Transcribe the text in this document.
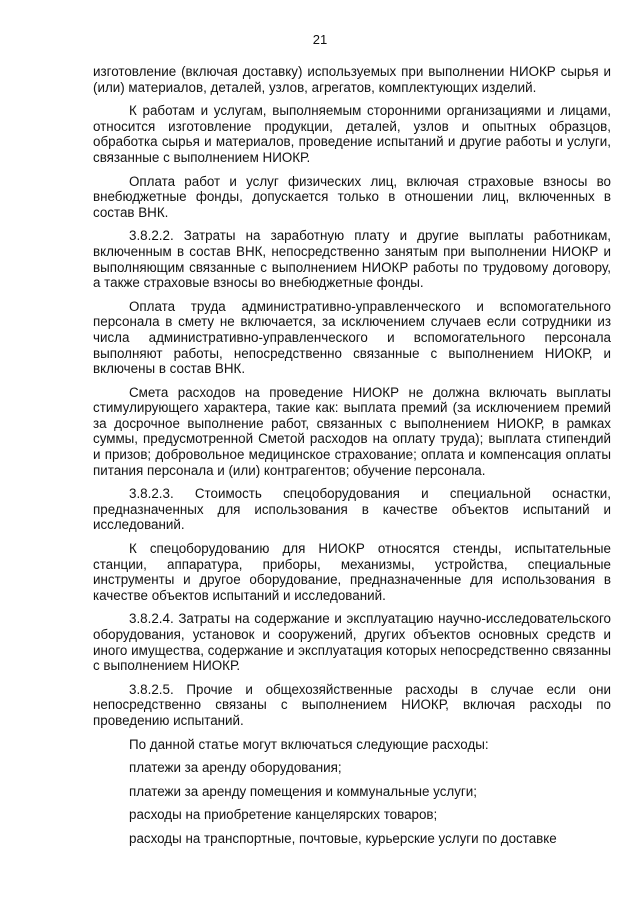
21

изготовление (включая доставку) используемых при выполнении НИОКР сырья и (или) материалов, деталей, узлов, агрегатов, комплектующих изделий.

К работам и услугам, выполняемым сторонними организациями и лицами, относится изготовление продукции, деталей, узлов и опытных образцов, обработка сырья и материалов, проведение испытаний и другие работы и услуги, связанные с выполнением НИОКР.

Оплата работ и услуг физических лиц, включая страховые взносы во внебюджетные фонды, допускается только в отношении лиц, включенных в состав ВНК.

3.8.2.2. Затраты на заработную плату и другие выплаты работникам, включенным в состав ВНК, непосредственно занятым при выполнении НИОКР и выполняющим связанные с выполнением НИОКР работы по трудовому договору, а также страховые взносы во внебюджетные фонды.

Оплата труда административно-управленческого и вспомогательного персонала в смету не включается, за исключением случаев если сотрудники из числа административно-управленческого и вспомогательного персонала выполняют работы, непосредственно связанные с выполнением НИОКР, и включены в состав ВНК.

Смета расходов на проведение НИОКР не должна включать выплаты стимулирующего характера, такие как: выплата премий (за исключением премий за досрочное выполнение работ, связанных с выполнением НИОКР, в рамках суммы, предусмотренной Сметой расходов на оплату труда); выплата стипендий и призов; добровольное медицинское страхование; оплата и компенсация оплаты питания персонала и (или) контрагентов; обучение персонала.

3.8.2.3. Стоимость спецоборудования и специальной оснастки, предназначенных для использования в качестве объектов испытаний и исследований.

К спецоборудованию для НИОКР относятся стенды, испытательные станции, аппаратура, приборы, механизмы, устройства, специальные инструменты и другое оборудование, предназначенные для использования в качестве объектов испытаний и исследований.

3.8.2.4. Затраты на содержание и эксплуатацию научно-исследовательского оборудования, установок и сооружений, других объектов основных средств и иного имущества, содержание и эксплуатация которых непосредственно связанны с выполнением НИОКР.

3.8.2.5. Прочие и общехозяйственные расходы в случае если они непосредственно связаны с выполнением НИОКР, включая расходы по проведению испытаний.

По данной статье могут включаться следующие расходы:

платежи за аренду оборудования;

платежи за аренду помещения и коммунальные услуги;

расходы на приобретение канцелярских товаров;

расходы на транспортные, почтовые, курьерские услуги по доставке
